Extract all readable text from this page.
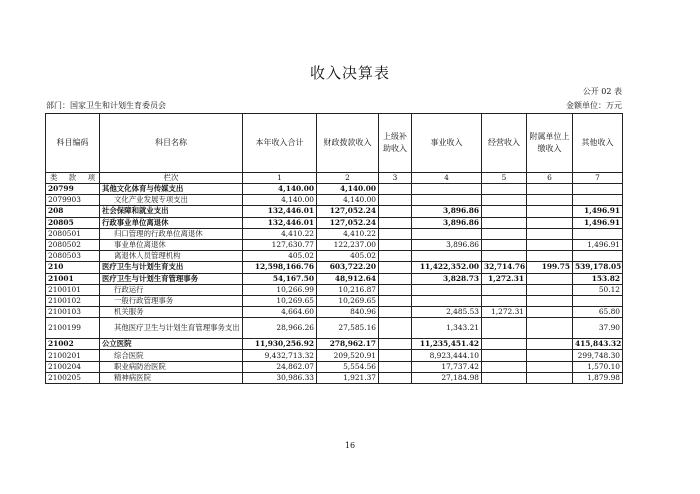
收入决算表
公开 02 表
部门：国家卫生和计划生育委员会	金额单位：万元
科目编码	科目名称	本年收入合计	财政拨款收入	上级补助收入	事业收入	经营收入	附属单位上缴收入	其他收入

类 款 项	栏次	1	2	3	4	5	6	7
20799	其他文化体育与传媒支出	4,140.00	4,140.00					
2079903	文化产业发展专项支出	4,140.00	4,140.00					
208	社会保障和就业支出	132,446.01	127,052.24		3,896.86			1,496.91
20805	行政事业单位离退休	132,446.01	127,052.24		3,896.86			1,496.91
2080501	归口管理的行政单位离退休	4,410.22	4,410.22					
2080502	事业单位离退休	127,630.77	122,237.00		3,896.86			1,496.91
2080503	离退休人员管理机构	405.02	405.02					
210	医疗卫生与计划生育支出	12,598,166.76	603,722.20		11,422,352.00	32,714.76	199.75	539,178.05
21001	医疗卫生与计划生育管理事务	54,167.50	48,912.64		3,828.73	1,272.31		153.82
2100101	行政运行	10,266.99	10,216.87					50.12
2100102	一般行政管理事务	10,269.65	10,269.65					
2100103	机关服务	4,664.60	840.96		2,485.53	1,272.31		65.80
2100199	其他医疗卫生与计划生育管理事务支出	28,966.26	27,585.16		1,343.21			37.90
21002	公立医院	11,930,256.92	278,962.17		11,235,451.42			415,843.32
2100201	综合医院	9,432,713.32	209,520.91		8,923,444.10			299,748.30
2100204	职业病防治医院	24,862.07	5,554.56		17,737.42			1,570.10
2100205	精神病医院	30,986.33	1,921.37		27,184.98			1,879.98
16
